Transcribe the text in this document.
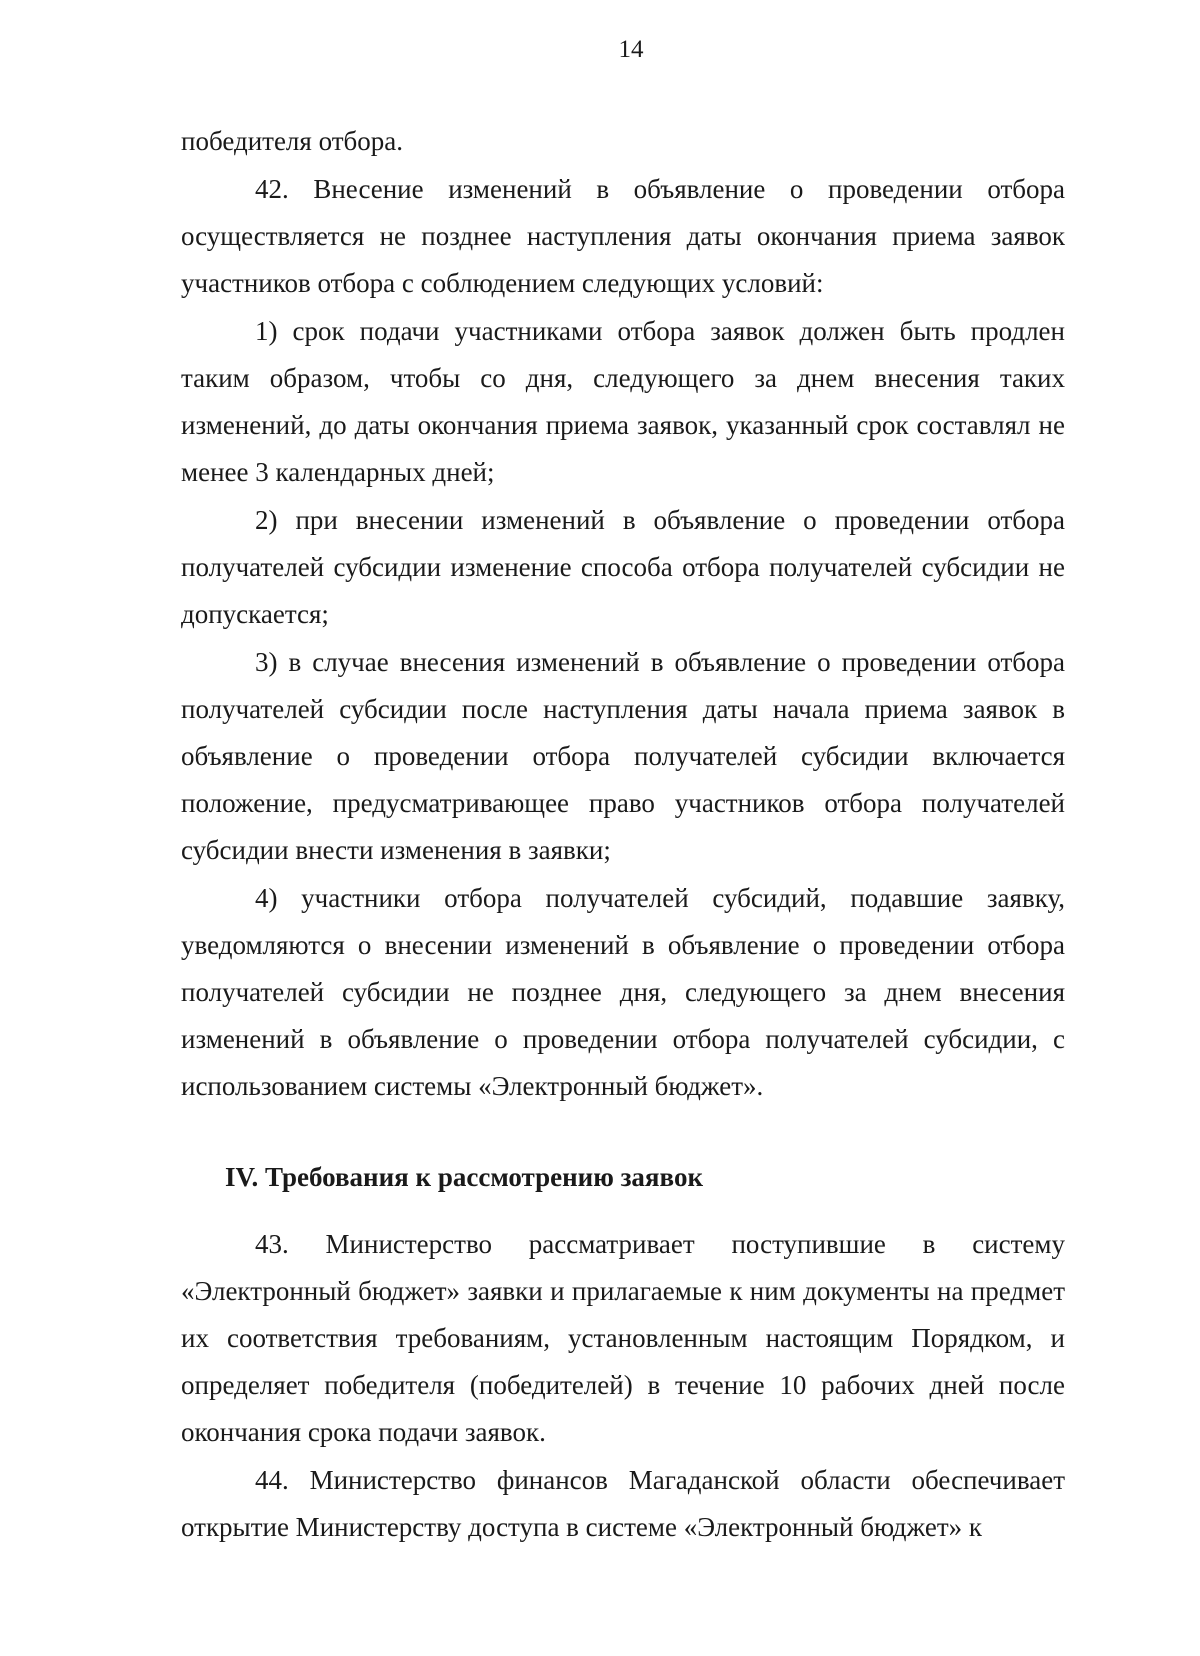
14

победителя отбора.

42. Внесение изменений в объявление о проведении отбора осуществляется не позднее наступления даты окончания приема заявок участников отбора с соблюдением следующих условий:

1) срок подачи участниками отбора заявок должен быть продлен таким образом, чтобы со дня, следующего за днем внесения таких изменений, до даты окончания приема заявок, указанный срок составлял не менее 3 календарных дней;

2) при внесении изменений в объявление о проведении отбора получателей субсидии изменение способа отбора получателей субсидии не допускается;

3) в случае внесения изменений в объявление о проведении отбора получателей субсидии после наступления даты начала приема заявок в объявление о проведении отбора получателей субсидии включается положение, предусматривающее право участников отбора получателей субсидии внести изменения в заявки;

4) участники отбора получателей субсидий, подавшие заявку, уведомляются о внесении изменений в объявление о проведении отбора получателей субсидии не позднее дня, следующего за днем внесения изменений в объявление о проведении отбора получателей субсидии, с использованием системы «Электронный бюджет».

IV. Требования к рассмотрению заявок

43. Министерство рассматривает поступившие в систему «Электронный бюджет» заявки и прилагаемые к ним документы на предмет их соответствия требованиям, установленным настоящим Порядком, и определяет победителя (победителей) в течение 10 рабочих дней после окончания срока подачи заявок.

44. Министерство финансов Магаданской области обеспечивает открытие Министерству доступа в системе «Электронный бюджет» к
